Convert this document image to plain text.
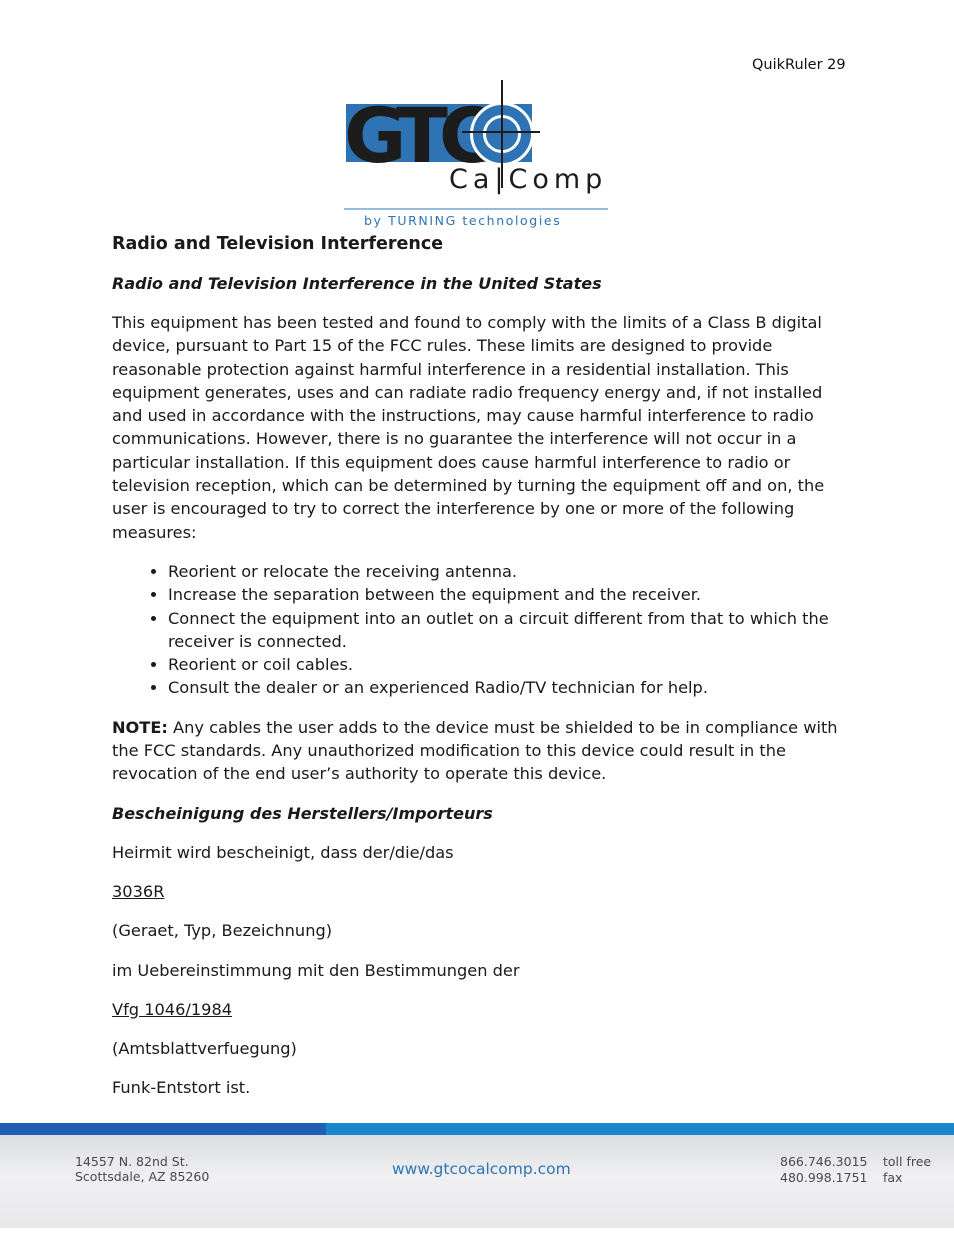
QuikRuler 29
GTC
Ca|Comp
by TURNING technologies
Radio and Television Interference
Radio and Television Interference in the United States

This equipment has been tested and found to comply with the limits of a Class B digital device, pursuant to Part 15 of the FCC rules. These limits are designed to provide reasonable protection against harmful interference in a residential installation. This equipment generates, uses and can radiate radio frequency energy and, if not installed and used in accordance with the instructions, may cause harmful interference to radio communications. However, there is no guarantee the interference will not occur in a particular installation. If this equipment does cause harmful interference to radio or television reception, which can be determined by turning the equipment off and on, the user is encouraged to try to correct the interference by one or more of the following measures:

• Reorient or relocate the receiving antenna.
• Increase the separation between the equipment and the receiver.
• Connect the equipment into an outlet on a circuit different from that to which the receiver is connected.
• Reorient or coil cables.
• Consult the dealer or an experienced Radio/TV technician for help.

NOTE: Any cables the user adds to the device must be shielded to be in compliance with the FCC standards. Any unauthorized modification to this device could result in the revocation of the end user’s authority to operate this device.

Bescheinigung des Herstellers/Importeurs

Heirmit wird bescheinigt, dass der/die/das

3036R

(Geraet, Typ, Bezeichnung)

im Uebereinstimmung mit den Bestimmungen der

Vfg 1046/1984

(Amtsblattverfuegung)

Funk-Entstort ist.

14557 N. 82nd St.
Scottsdale, AZ 85260	www.gtcocalcomp.com	866.746.3015
480.998.1751
toll free
fax
